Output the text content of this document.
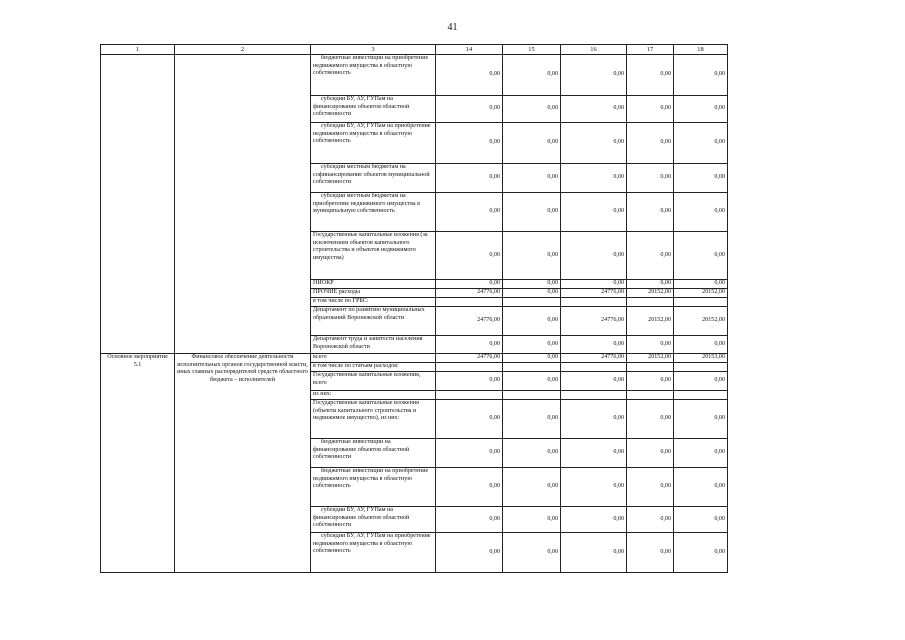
41
1	2	3	14	15	16	17	18
		бюджетные инвестиции на приобретение недвижимого имущества в областную собственность	0,00	0,00	0,00	0,00	0,00
		субсидии БУ, АУ, ГУПам на финансирование объектов областной собственности	0,00	0,00	0,00	0,00	0,00
		субсидии БУ, АУ, ГУПам на приобретение недвижимого имущества в областную собственность	0,00	0,00	0,00	0,00	0,00
		субсидии местным бюджетам на софинансирование объектов муниципальной собственности	0,00	0,00	0,00	0,00	0,00
		субсидии местным бюджетам на приобретение недвижимого имущества в муниципальную собственность	0,00	0,00	0,00	0,00	0,00
		Государственные капитальные вложения (за исключением объектов капитального строительства и объектов недвижимого имущества)	0,00	0,00	0,00	0,00	0,00
		НИОКР	0,00	0,00	0,00	0,00	0,00
		ПРОЧИЕ расходы	24776,00	0,00	24776,00	20152,00	20152,00
		в том числе по ГРБС:					
		Департамент по развитию муниципальных образований Воронежской области	24776,00	0,00	24776,00	20152,00	20152,00
		Департамент труда и занятости населения Воронежской области	0,00	0,00	0,00	0,00	0,00
Основное мероприятие 5.1	Финансовое обеспечение деятельности исполнительных органов государственной власти, иных главных распорядителей средств областного бюджета – исполнителей	всего	24776,00	0,00	24776,00	20152,00	20153,00
		в том числе по статьям расходов:					
		Государственные капитальные вложения, всего	0,00	0,00	0,00	0,00	0,00
		из них:					
		Государственные капитальные вложения (объекты капитального строительства и недвижимое имущество), из них:	0,00	0,00	0,00	0,00	0,00
		бюджетные инвестиции на финансирование объектов областной собственности	0,00	0,00	0,00	0,00	0,00
		бюджетные инвестиции на приобретение недвижимого имущества в областную собственность	0,00	0,00	0,00	0,00	0,00
		субсидии БУ, АУ, ГУПам на финансирование объектов областной собственности	0,00	0,00	0,00	0,00	0,00
		субсидии БУ, АУ, ГУПам на приобретение недвижимого имущества в областную собственность	0,00	0,00	0,00	0,00	0,00
